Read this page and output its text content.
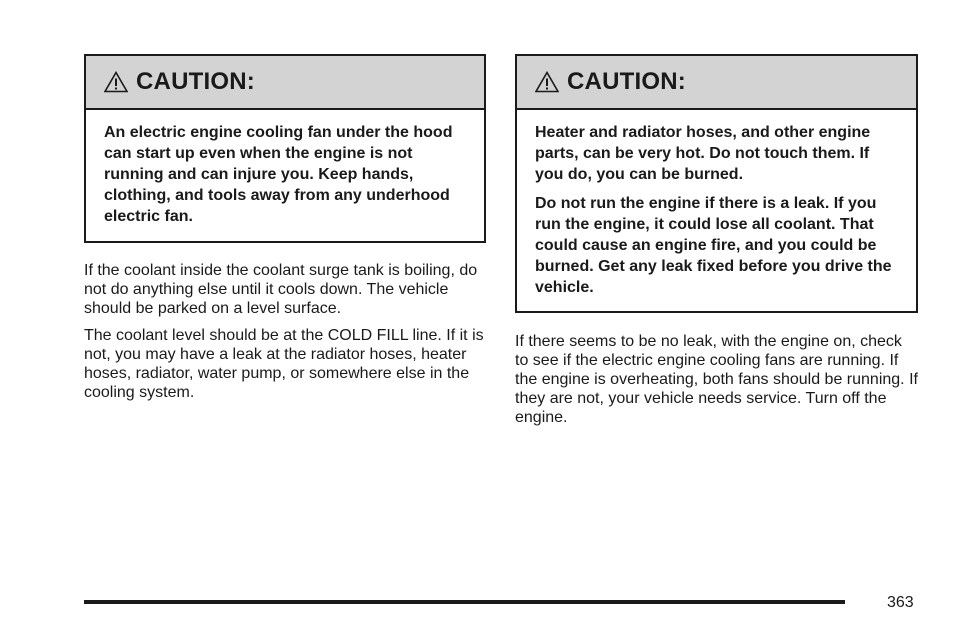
CAUTION:

An electric engine cooling fan under the hood can start up even when the engine is not running and can injure you. Keep hands, clothing, and tools away from any underhood electric fan.

If the coolant inside the coolant surge tank is boiling, do not do anything else until it cools down. The vehicle should be parked on a level surface.

The coolant level should be at the COLD FILL line. If it is not, you may have a leak at the radiator hoses, heater hoses, radiator, water pump, or somewhere else in the cooling system.

CAUTION:

Heater and radiator hoses, and other engine parts, can be very hot. Do not touch them. If you do, you can be burned.

Do not run the engine if there is a leak. If you run the engine, it could lose all coolant. That could cause an engine fire, and you could be burned. Get any leak fixed before you drive the vehicle.

If there seems to be no leak, with the engine on, check to see if the electric engine cooling fans are running. If the engine is overheating, both fans should be running. If they are not, your vehicle needs service. Turn off the engine.

363
